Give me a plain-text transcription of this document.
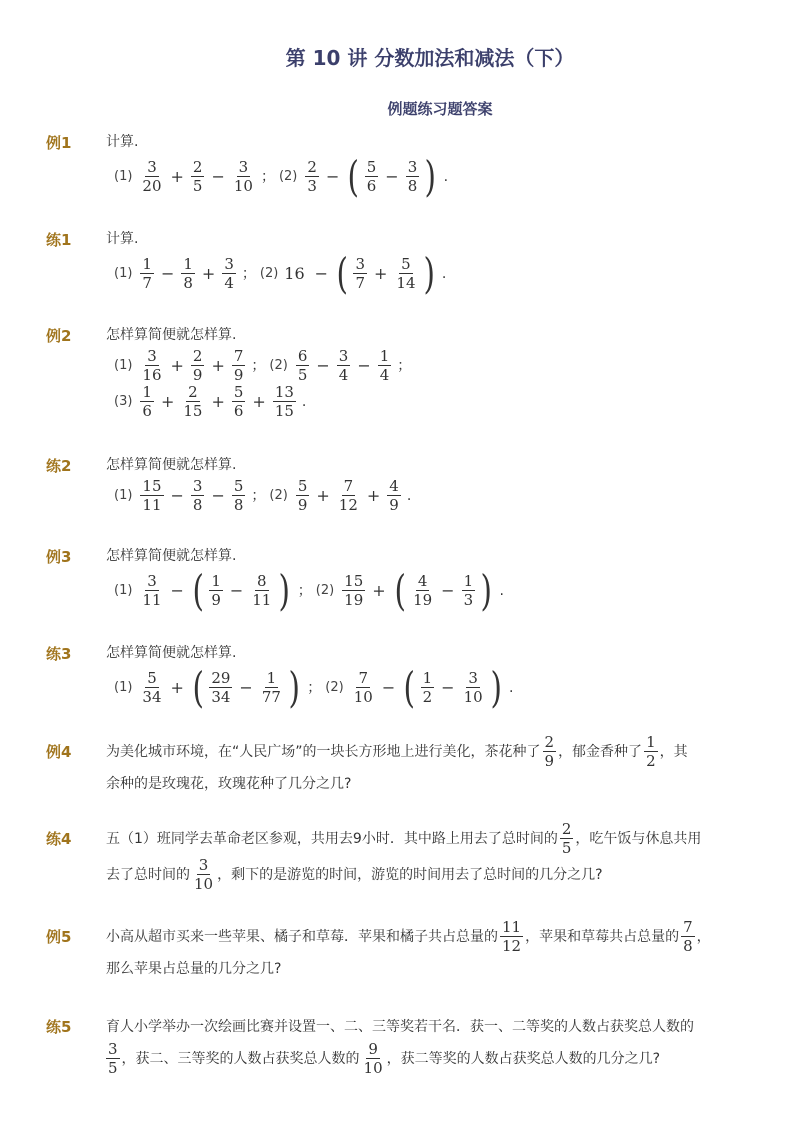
第 10 讲 分数加法和减法（下）
例题练习题答案
例1 计算.
$(1) \frac{3}{20} + \frac{2}{5} - \frac{3}{10}$ ； $(2) \frac{2}{3}$ − ( $\frac{5}{6} - \frac{3}{8}$ ) .
练1 计算.
$(1) \frac{1}{7} - \frac{1}{8} + \frac{3}{4}$ ； (2) 16 − ( $\frac{3}{7} + \frac{5}{14}$ ) .
例2 怎样算简便就怎样算.
$(1) \frac{3}{16} + \frac{2}{9} + \frac{7}{9}$ ； $(2) \frac{6}{5} - \frac{3}{4} - \frac{1}{4}$ ；
$(3) \frac{1}{6} + \frac{2}{15} + \frac{5}{6} + \frac{13}{15}$ .
练2 怎样算简便就怎样算.
$(1) \frac{15}{11} - \frac{3}{8} - \frac{5}{8}$ ； $(2) \frac{5}{9} + \frac{7}{12} + \frac{4}{9}$ .
例3 怎样算简便就怎样算.
$(1) \frac{3}{11}$ − ( $\frac{1}{9} - \frac{8}{11}$ ) ； $(2) \frac{15}{19}$ + ( $\frac{4}{19} - \frac{1}{3}$ ) .
练3 怎样算简便就怎样算.
$(1) \frac{5}{34}$ + ( $\frac{29}{34} - \frac{1}{77}$ ) ； $(2) \frac{7}{10}$ − ( $\frac{1}{2} - \frac{3}{10}$ ) .
例4 为美化城市环境，在“人民广场”的一块长方形地上进行美化，茶花种了 $\frac{2}{9}$ ，郁金香种了 $\frac{1}{2}$ ，其
余种的是玫瑰花，玫瑰花种了几分之几?
练4 五（1）班同学去革命老区参观，共用去9小时．其中路上用去了总时间的 $\frac{2}{5}$ ，吃午饭与休息共用
去了总时间的 $\frac{3}{10}$ ，剩下的是游览的时间，游览的时间用去了总时间的几分之几?
例5 小高从超市买来一些苹果、橘子和草莓．苹果和橘子共占总量的 $\frac{11}{12}$ ，苹果和草莓共占总量的 $\frac{7}{8}$ ，
那么苹果占总量的几分之几?
练5 育人小学举办一次绘画比赛并设置一、二、三等奖若干名．获一、二等奖的人数占获奖总人数的
$\frac{3}{5}$ ，获二、三等奖的人数占获奖总人数的 $\frac{9}{10}$ ，获二等奖的人数占获奖总人数的几分之几?
